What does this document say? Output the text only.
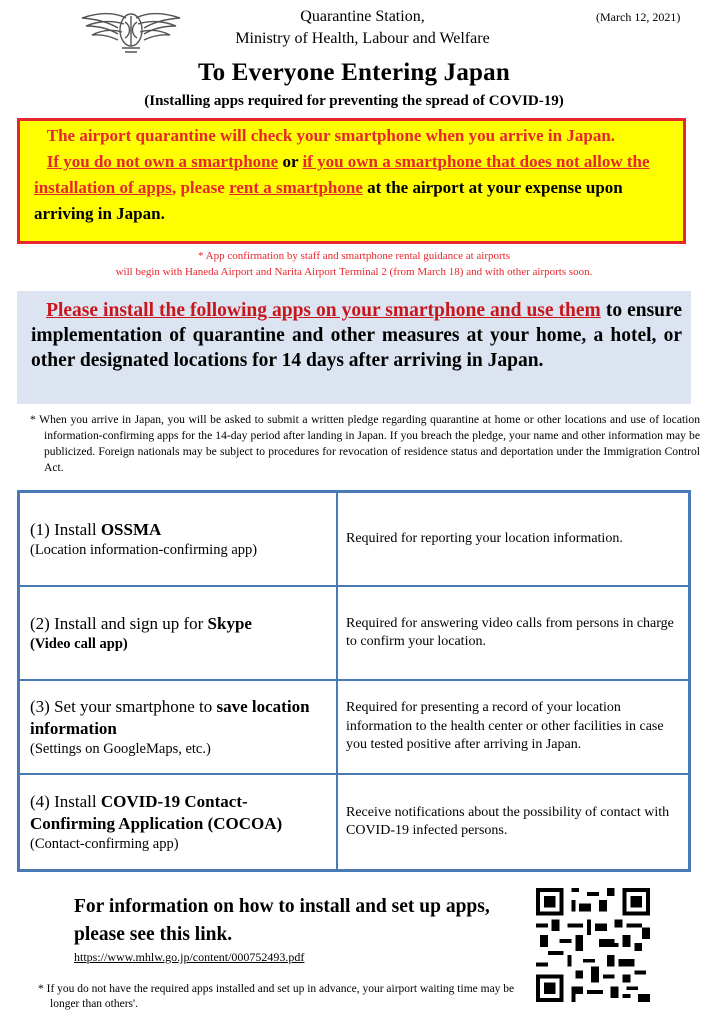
Quarantine Station,
Ministry of Health, Labour and Welfare
(March 12, 2021)
To Everyone Entering Japan
(Installing apps required for preventing the spread of COVID-19)

The airport quarantine will check your smartphone when you arrive in Japan.

If you do not own a smartphone or if you own a smartphone that does not allow the installation of apps, please rent a smartphone at the airport at your expense upon arriving in Japan.

* App confirmation by staff and smartphone rental guidance at airports
will begin with Haneda Airport and Narita Airport Terminal 2 (from March 18) and with other airports soon.
Please install the following apps on your smartphone and use them to ensure implementation of quarantine and other measures at your home, a hotel, or other designated locations for 14 days after arriving in Japan.
* When you arrive in Japan, you will be asked to submit a written pledge regarding quarantine at home or other locations and use of location information-confirming apps for the 14-day period after landing in Japan. If you breach the pledge, your name and other information may be publicized. Foreign nationals may be subject to procedures for revocation of residence status and deportation under the Immigration Control Act.
(1) Install OSSMA
(Location information-confirming app)
Required for reporting your location information.
(2) Install and sign up for Skype
(Video call app)
Required for answering video calls from persons in charge to confirm your location.
(3) Set your smartphone to save location information
(Settings on GoogleMaps, etc.)
Required for presenting a record of your location information to the health center or other facilities in case you tested positive after arriving in Japan.
(4) Install COVID-19 Contact-Confirming Application (COCOA)
(Contact-confirming app)
Receive notifications about the possibility of contact with COVID-19 infected persons.
For information on how to install and set up apps, please see this link.
https://www.mhlw.go.jp/content/000752493.pdf
* If you do not have the required apps installed and set up in advance, your airport waiting time may be longer than others'.
